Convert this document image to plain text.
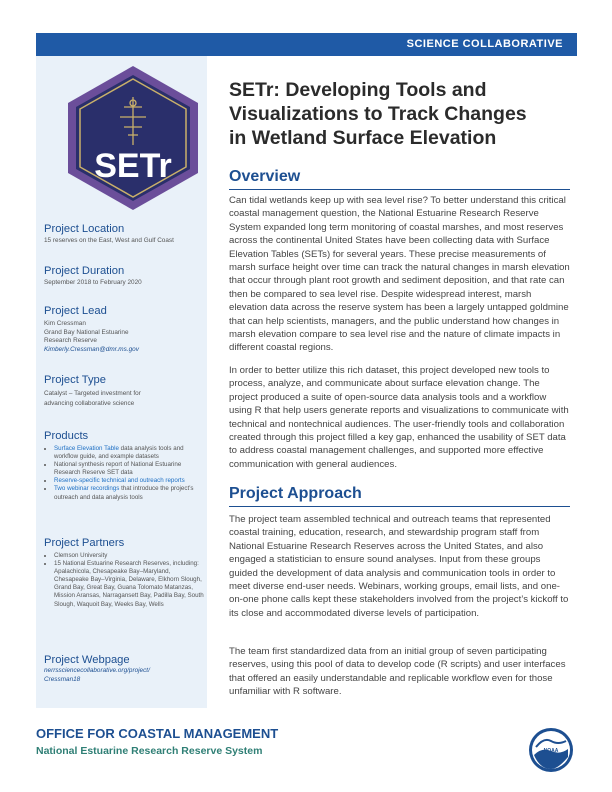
SCIENCE COLLABORATIVE
SETr
Project Location

15 reserves on the East, West and Gulf Coast

Project Duration

September 2018 to February 2020

Project Lead

Kim Cressman
Grand Bay National Estuarine
Research Reserve
Kimberly.Cressman@dmr.ms.gov

Project Type

Catalyst – Targeted investment for
advancing collaborative science

Products
• Surface Elevation Table data analysis tools and workflow guide, and example datasets
• National synthesis report of National Estuarine Research Reserve SET data
• Reserve-specific technical and outreach reports
• Two webinar recordings that introduce the project’s outreach and data analysis tools
Project Partners
• Clemson University
• 15 National Estuarine Research Reserves, including: Apalachicola, Chesapeake Bay–Maryland, Chesapeake Bay–Virginia, Delaware, Elkhorn Slough, Grand Bay, Great Bay, Guana Tolomato Matanzas, Mission Aransas, Narragansett Bay, Padilla Bay, South Slough, Waquoit Bay, Weeks Bay, Wells
Project Webpage

nerrssciencecollaborative.org/project/
Cressman18

SETr: Developing Tools and
Visualizations to Track Changes
in Wetland Surface Elevation
Overview
Can tidal wetlands keep up with sea level rise? To better understand this critical coastal management question, the National Estuarine Research Reserve System expanded long term monitoring of coastal marshes, and most reserves across the continental United States have been collecting data with Surface Elevation Tables (SETs) for several years. These precise measurements of marsh surface height over time can track the natural changes in marsh elevation that occur through plant root growth and sediment deposition, and that rate can then be compared to sea level rise. Despite widespread interest, marsh elevation data across the reserve system has been a largely untapped goldmine that can help scientists, managers, and the public understand how changes in marsh elevation compare to sea level rise and the nature of climate impacts in different coastal regions.
In order to better utilize this rich dataset, this project developed new tools to process, analyze, and communicate about surface elevation change. The project produced a suite of open-source data analysis tools and a workflow using R that help users generate reports and visualizations to communicate with technical and nontechnical audiences. The user-friendly tools and collaboration created through this project filled a key gap, enhanced the usability of SET data to address coastal management challenges, and supported more effective communication with general audiences.
Project Approach
The project team assembled technical and outreach teams that represented coastal training, education, research, and stewardship program staff from National Estuarine Research Reserves across the United States, and also engaged a statistician to ensure sound analyses. Input from these groups guided the development of data analysis and communication tools in order to meet diverse end-user needs. Webinars, working groups, email lists, and one-on-one phone calls kept these stakeholders involved from the project’s kickoff to its close and accommodated diverse levels of participation.
The team first standardized data from an initial group of seven participating reserves, using this pool of data to develop code (R scripts) and user interfaces that offered an easily understandable and replicable workflow even for those unfamiliar with R software.
OFFICE FOR COASTAL MANAGEMENT
National Estuarine Research Reserve System	NOAA
